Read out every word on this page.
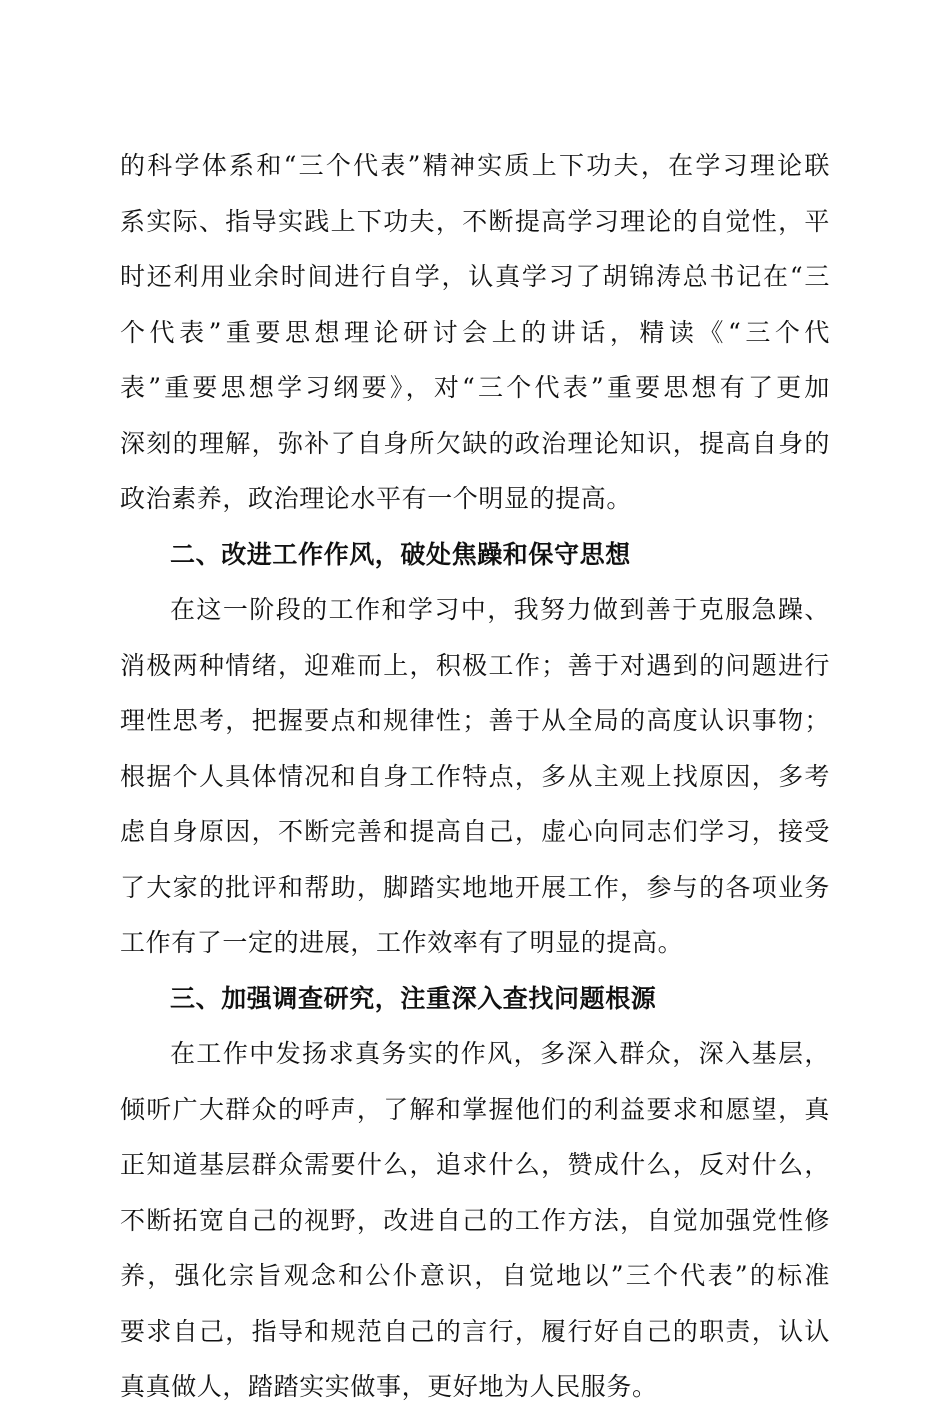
的科学体系和“三个代表”精神实质上下功夫，在学习理论联
系实际、指导实践上下功夫，不断提高学习理论的自觉性，平
时还利用业余时间进行自学，认真学习了胡锦涛总书记在“三
个代表”重要思想理论研讨会上的讲话，精读《“三个代
表”重要思想学习纲要》，对“三个代表”重要思想有了更加
深刻的理解，弥补了自身所欠缺的政治理论知识，提高自身的
政治素养，政治理论水平有一个明显的提高。
二、改进工作作风，破处焦躁和保守思想
在这一阶段的工作和学习中，我努力做到善于克服急躁、
消极两种情绪，迎难而上，积极工作；善于对遇到的问题进行
理性思考，把握要点和规律性；善于从全局的高度认识事物；
根据个人具体情况和自身工作特点，多从主观上找原因，多考
虑自身原因，不断完善和提高自己，虚心向同志们学习，接受
了大家的批评和帮助，脚踏实地地开展工作，参与的各项业务
工作有了一定的进展，工作效率有了明显的提高。
三、加强调查研究，注重深入查找问题根源
在工作中发扬求真务实的作风，多深入群众，深入基层，
倾听广大群众的呼声，了解和掌握他们的利益要求和愿望，真
正知道基层群众需要什么，追求什么，赞成什么，反对什么，
不断拓宽自己的视野，改进自己的工作方法，自觉加强党性修
养，强化宗旨观念和公仆意识，自觉地以”三个代表”的标准
要求自己，指导和规范自己的言行，履行好自己的职责，认认
真真做人，踏踏实实做事，更好地为人民服务。
